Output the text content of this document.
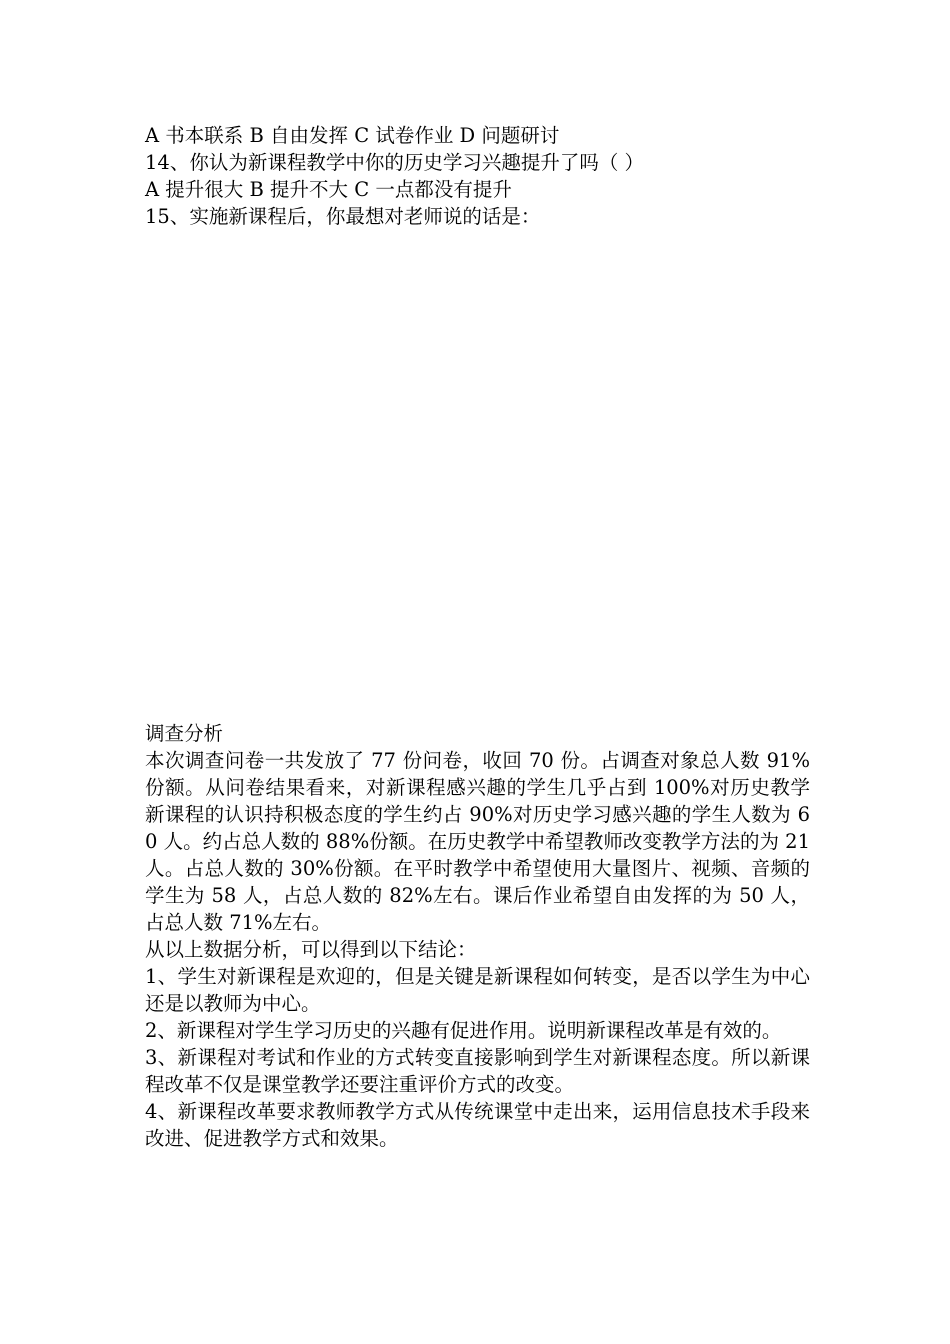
A 书本联系 B 自由发挥 C 试卷作业 D 问题研讨

14、你认为新课程教学中你的历史学习兴趣提升了吗（ ）

A 提升很大 B 提升不大 C 一点都没有提升

15、实施新课程后，你最想对老师说的话是：

调查分析

本次调查问卷一共发放了 77 份问卷，收回 70 份。占调查对象总人数 91%份额。从问卷结果看来，对新课程感兴趣的学生几乎占到 100%对历史教学新课程的认识持积极态度的学生约占 90%对历史学习感兴趣的学生人数为 60 人。约占总人数的 88%份额。在历史教学中希望教师改变教学方法的为 21 人。占总人数的 30%份额。在平时教学中希望使用大量图片、视频、音频的学生为 58 人，占总人数的 82%左右。课后作业希望自由发挥的为 50 人，占总人数 71%左右。

从以上数据分析，可以得到以下结论：

1、学生对新课程是欢迎的，但是关键是新课程如何转变，是否以学生为中心还是以教师为中心。

2、新课程对学生学习历史的兴趣有促进作用。说明新课程改革是有效的。

3、新课程对考试和作业的方式转变直接影响到学生对新课程态度。所以新课程改革不仅是课堂教学还要注重评价方式的改变。

4、新课程改革要求教师教学方式从传统课堂中走出来，运用信息技术手段来改进、促进教学方式和效果。
